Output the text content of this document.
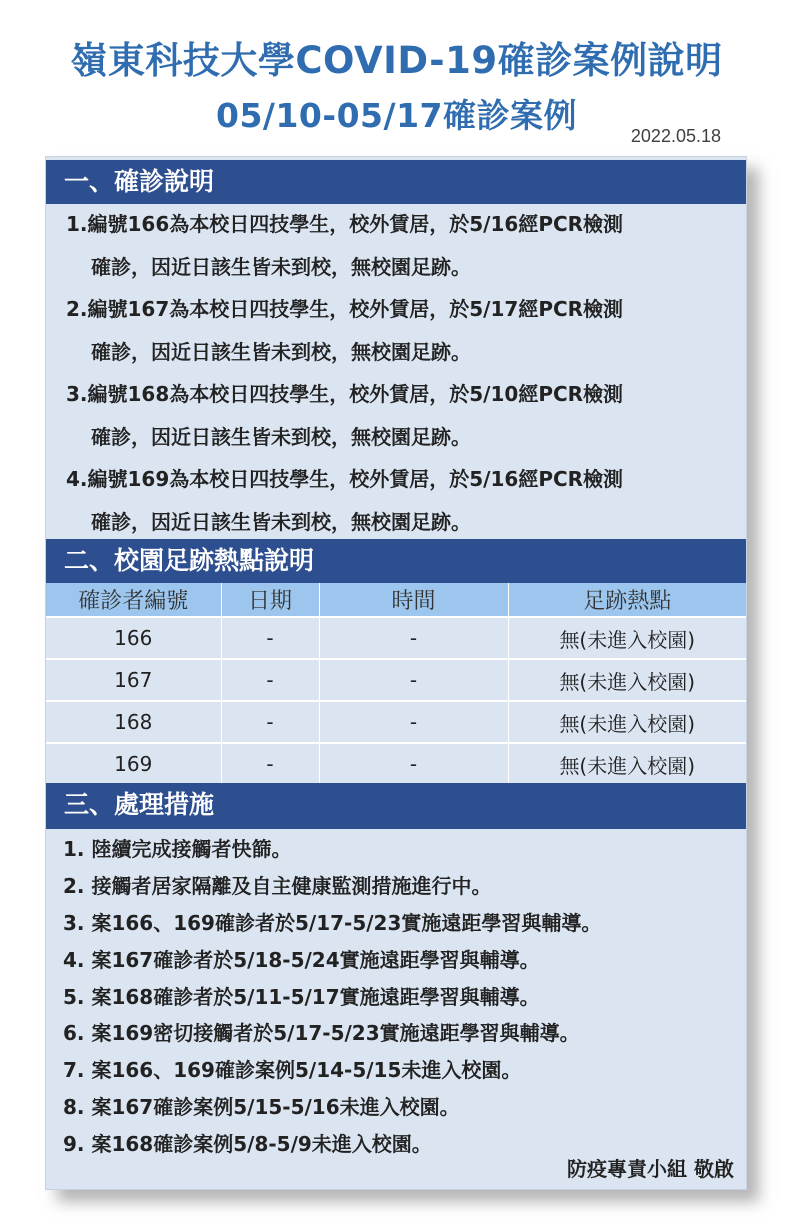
嶺東科技大學COVID-19確診案例說明
05/10-05/17確診案例
2022.05.18
一、確診說明
1.編號166為本校日四技學生，校外賃居，於5/16經PCR檢測
確診，因近日該生皆未到校，無校園足跡。
2.編號167為本校日四技學生，校外賃居，於5/17經PCR檢測
確診，因近日該生皆未到校，無校園足跡。
3.編號168為本校日四技學生，校外賃居，於5/10經PCR檢測
確診，因近日該生皆未到校，無校園足跡。
4.編號169為本校日四技學生，校外賃居，於5/16經PCR檢測
確診，因近日該生皆未到校，無校園足跡。
二、校園足跡熱點說明
確診者編號	日期	時間	足跡熱點
166	-	-	無(未進入校園)
167	-	-	無(未進入校園)
168	-	-	無(未進入校園)
169	-	-	無(未進入校園)
三、處理措施
1. 陸續完成接觸者快篩。
2. 接觸者居家隔離及自主健康監測措施進行中。
3. 案166、169確診者於5/17-5/23實施遠距學習與輔導。
4. 案167確診者於5/18-5/24實施遠距學習與輔導。
5. 案168確診者於5/11-5/17實施遠距學習與輔導。
6. 案169密切接觸者於5/17-5/23實施遠距學習與輔導。
7. 案166、169確診案例5/14-5/15未進入校園。
8. 案167確診案例5/15-5/16未進入校園。
9. 案168確診案例5/8-5/9未進入校園。
防疫專責小組 敬啟
